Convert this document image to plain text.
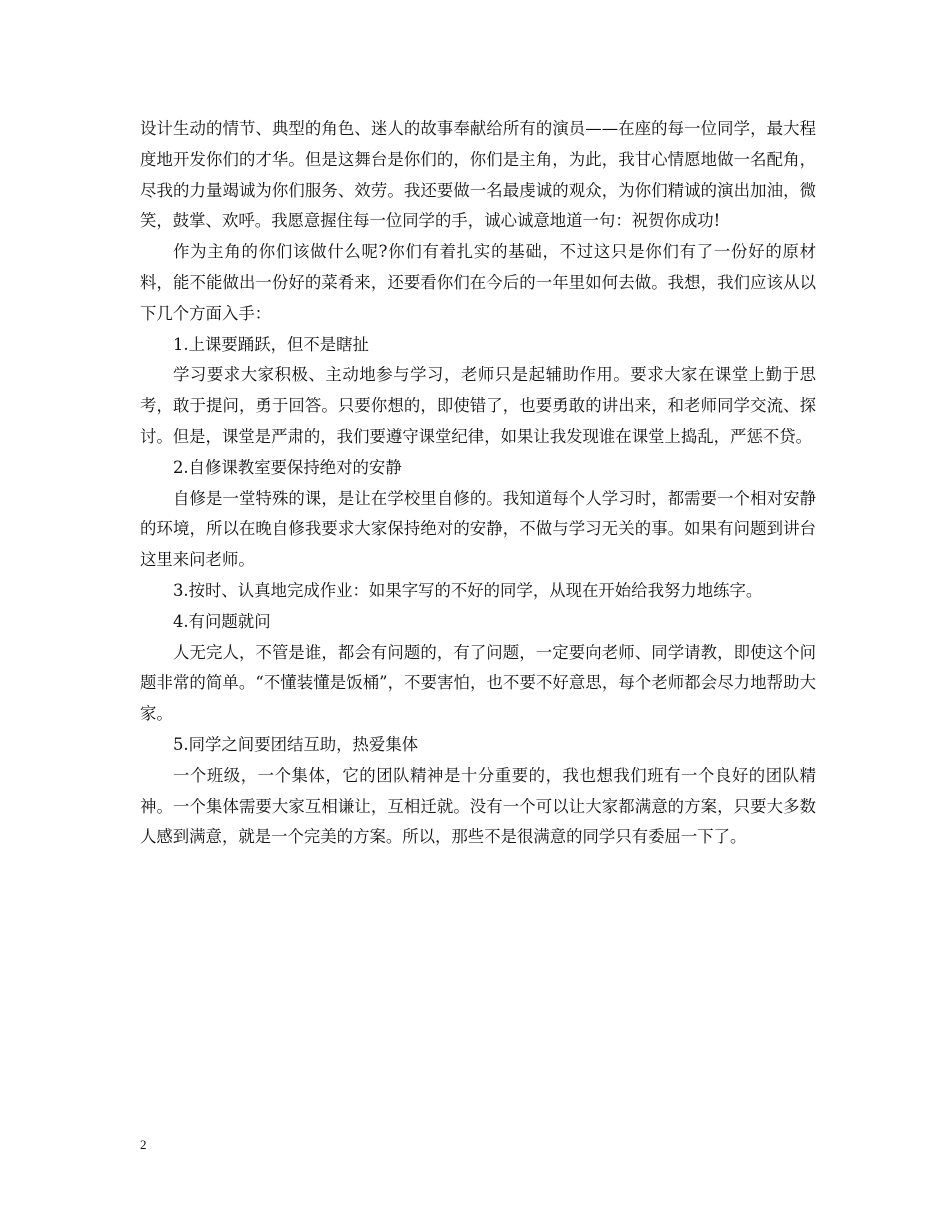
设计生动的情节、典型的角色、迷人的故事奉献给所有的演员——在座的每一位同学，最大程度地开发你们的才华。但是这舞台是你们的，你们是主角，为此，我甘心情愿地做一名配角，尽我的力量竭诚为你们服务、效劳。我还要做一名最虔诚的观众，为你们精诚的演出加油，微笑，鼓掌、欢呼。我愿意握住每一位同学的手，诚心诚意地道一句：祝贺你成功!

作为主角的你们该做什么呢?你们有着扎实的基础，不过这只是你们有了一份好的原材料，能不能做出一份好的菜肴来，还要看你们在今后的一年里如何去做。我想，我们应该从以下几个方面入手：

1.上课要踊跃，但不是瞎扯

学习要求大家积极、主动地参与学习，老师只是起辅助作用。要求大家在课堂上勤于思考，敢于提问，勇于回答。只要你想的，即使错了，也要勇敢的讲出来，和老师同学交流、探讨。但是，课堂是严肃的，我们要遵守课堂纪律，如果让我发现谁在课堂上捣乱，严惩不贷。

2.自修课教室要保持绝对的安静

自修是一堂特殊的课，是让在学校里自修的。我知道每个人学习时，都需要一个相对安静的环境，所以在晚自修我要求大家保持绝对的安静，不做与学习无关的事。如果有问题到讲台这里来问老师。

3.按时、认真地完成作业：如果字写的不好的同学，从现在开始给我努力地练字。

4.有问题就问

人无完人，不管是谁，都会有问题的，有了问题，一定要向老师、同学请教，即使这个问题非常的简单。“不懂装懂是饭桶”，不要害怕，也不要不好意思，每个老师都会尽力地帮助大家。

5.同学之间要团结互助，热爱集体

一个班级，一个集体，它的团队精神是十分重要的，我也想我们班有一个良好的团队精神。一个集体需要大家互相谦让，互相迁就。没有一个可以让大家都满意的方案，只要大多数人感到满意，就是一个完美的方案。所以，那些不是很满意的同学只有委屈一下了。

2
